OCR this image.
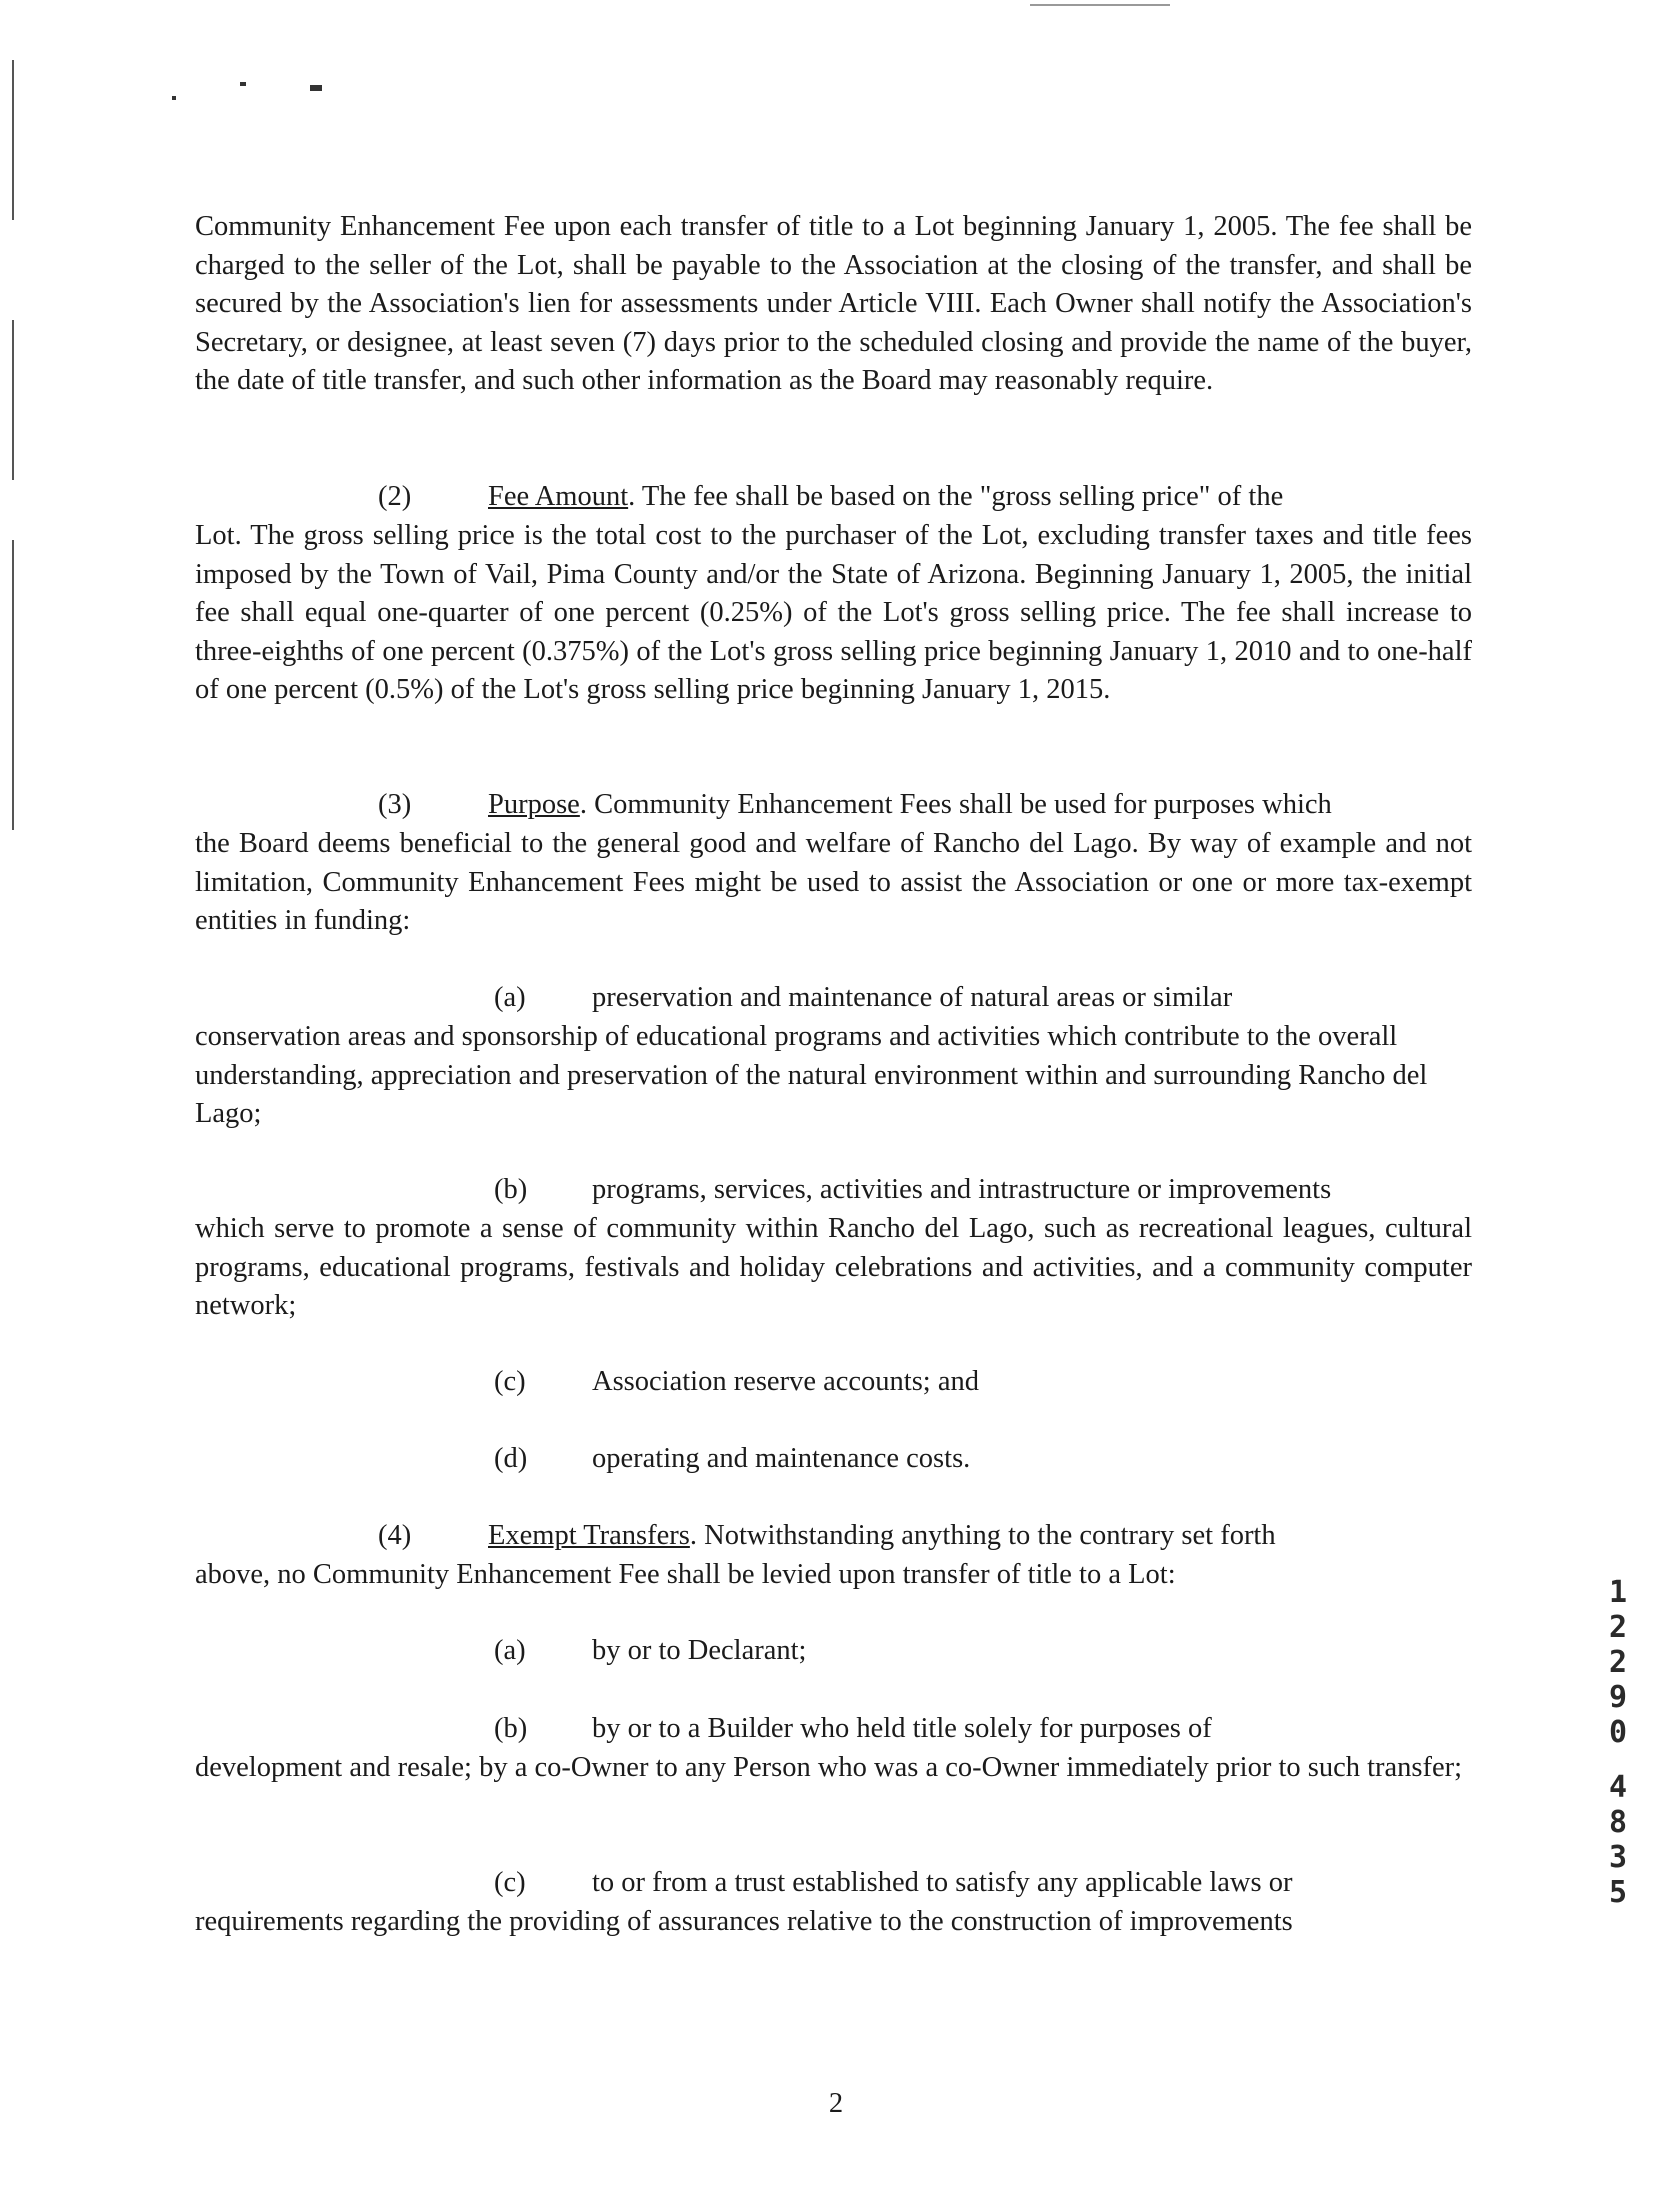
Community Enhancement Fee upon each transfer of title to a Lot beginning January 1, 2005. The fee shall be charged to the seller of the Lot, shall be payable to the Association at the closing of the transfer, and shall be secured by the Association's lien for assessments under Article VIII. Each Owner shall notify the Association's Secretary, or designee, at least seven (7) days prior to the scheduled closing and provide the name of the buyer, the date of title transfer, and such other information as the Board may reasonably require.

(2)	Fee Amount. The fee shall be based on the "gross selling price" of the

Lot. The gross selling price is the total cost to the purchaser of the Lot, excluding transfer taxes and title fees imposed by the Town of Vail, Pima County and/or the State of Arizona. Beginning January 1, 2005, the initial fee shall equal one-quarter of one percent (0.25%) of the Lot's gross selling price. The fee shall increase to three-eighths of one percent (0.375%) of the Lot's gross selling price beginning January 1, 2010 and to one-half of one percent (0.5%) of the Lot's gross selling price beginning January 1, 2015.

(3)	Purpose. Community Enhancement Fees shall be used for purposes which

the Board deems beneficial to the general good and welfare of Rancho del Lago. By way of example and not limitation, Community Enhancement Fees might be used to assist the Association or one or more tax-exempt entities in funding:

(a) preservation and maintenance of natural areas or similar

conservation areas and sponsorship of educational programs and activities which contribute to the overall understanding, appreciation and preservation of the natural environment within and surrounding Rancho del Lago;

(b) programs, services, activities and intrastructure or improvements

which serve to promote a sense of community within Rancho del Lago, such as recreational leagues, cultural programs, educational programs, festivals and holiday celebrations and activities, and a community computer network;

(c) Association reserve accounts; and

(d) operating and maintenance costs.

(4)	Exempt Transfers. Notwithstanding anything to the contrary set forth

above, no Community Enhancement Fee shall be levied upon transfer of title to a Lot:

(a) by or to Declarant;

(b) by or to a Builder who held title solely for purposes of

development and resale; by a co-Owner to any Person who was a co-Owner immediately prior to such transfer;

(c) to or from a trust established to satisfy any applicable laws or

requirements regarding the providing of assurances relative to the construction of improvements

2
1
2
2
9
0
4
8
3
5
